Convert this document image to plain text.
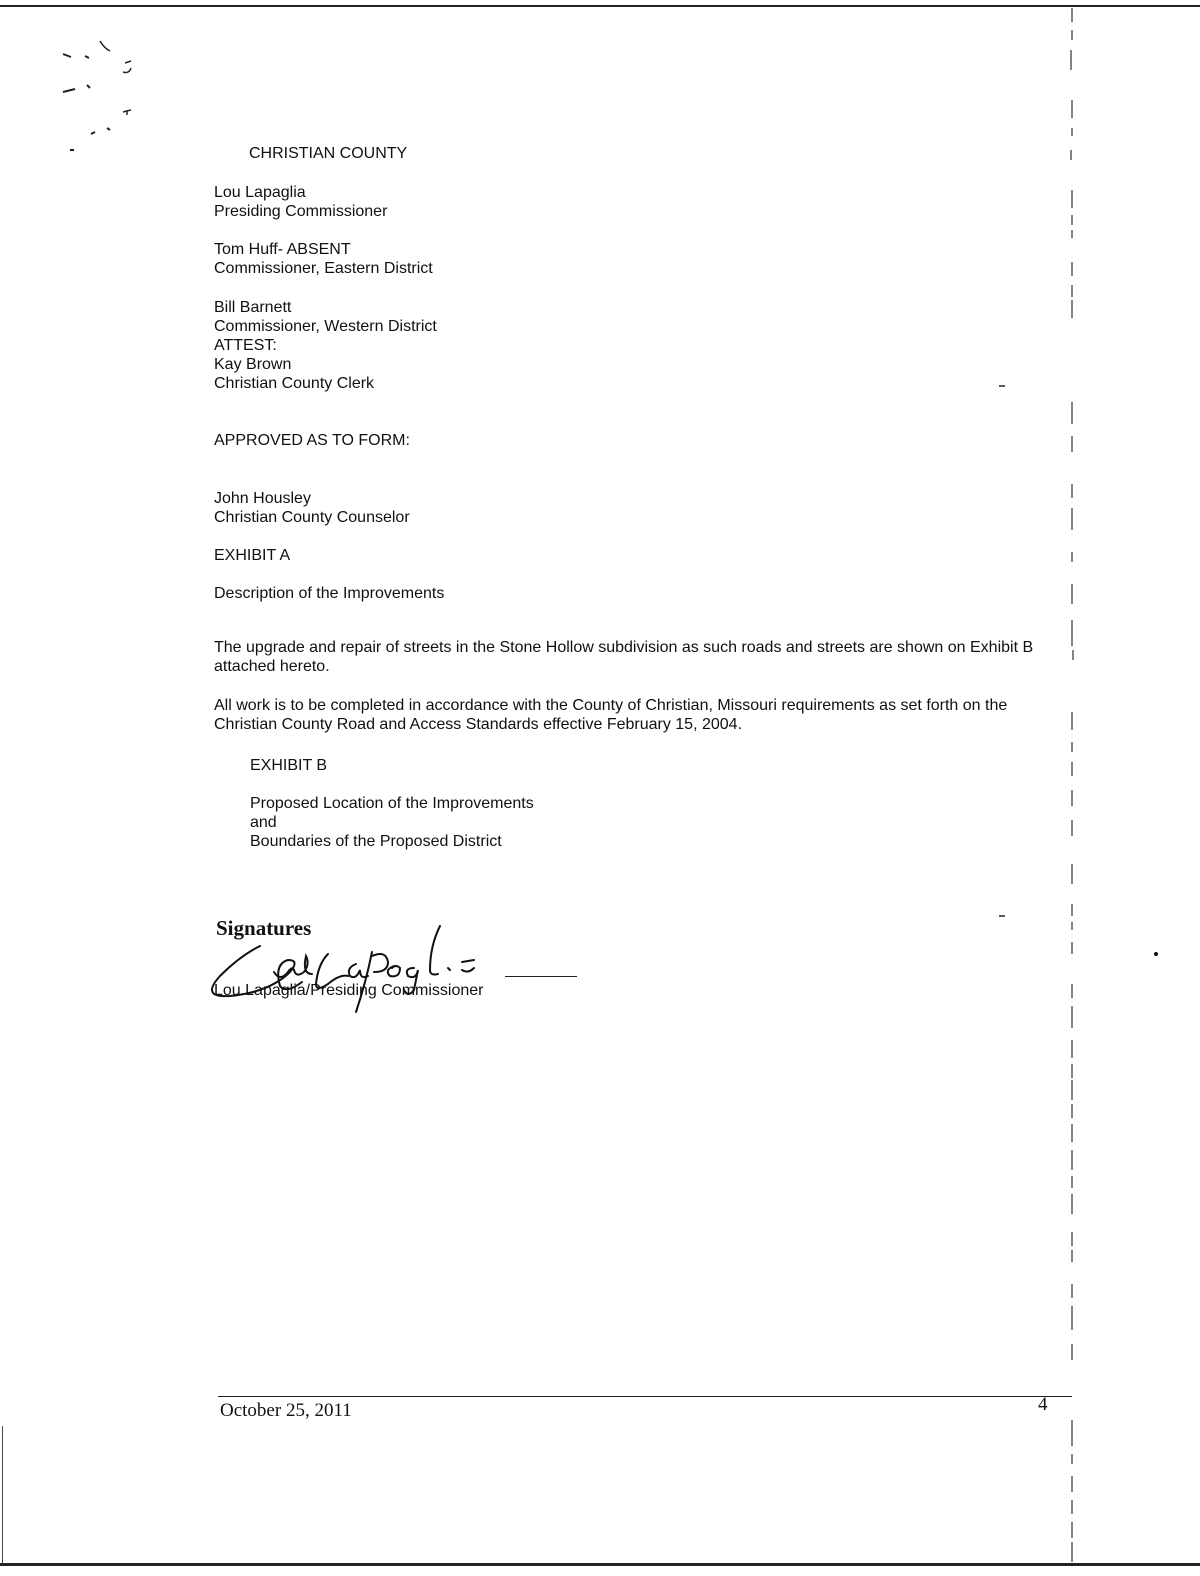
CHRISTIAN COUNTY
Lou Lapaglia
Presiding Commissioner
Tom Huff- ABSENT
Commissioner, Eastern District
Bill Barnett
Commissioner, Western District
ATTEST:
Kay Brown
Christian County Clerk
APPROVED AS TO FORM:
John Housley
Christian County Counselor
EXHIBIT A
Description of the Improvements
The upgrade and repair of streets in the Stone Hollow subdivision as such roads and streets are shown on Exhibit B attached hereto.
All work is to be completed in accordance with the County of Christian, Missouri requirements as set forth on the Christian County Road and Access Standards effective February 15, 2004.
EXHIBIT B
Proposed Location of the Improvements
and
Boundaries of the Proposed District
Signatures
Lou Lapaglia/Presiding Commissioner
October 25, 2011	4
